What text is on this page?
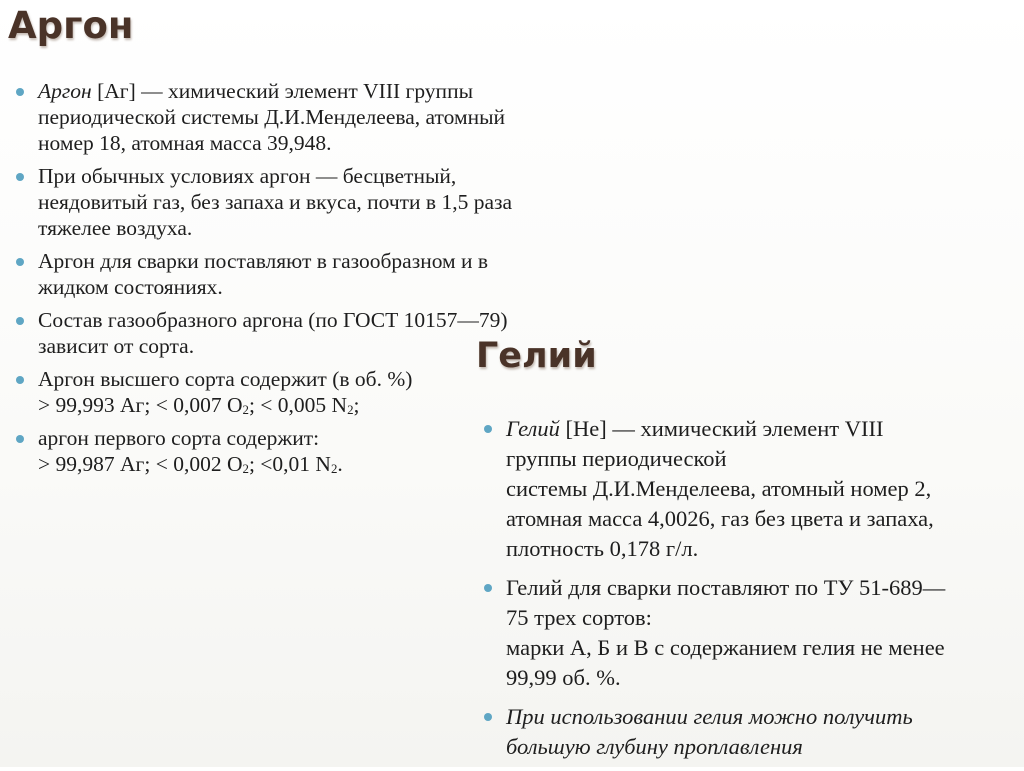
Аргон
Аргон [Аг] — химический элемент VIII группы
периодической системы Д.И.Менделеева, атомный
номер 18, атомная масса 39,948.
При обычных условиях аргон — бесцветный,
неядовитый газ, без запаха и вкуса, почти в 1,5 раза
тяжелее воздуха.
Аргон для сварки поставляют в газообразном и в
жидком состояниях.
Состав газообразного аргона (по ГОСТ 10157—79)
зависит от сорта.
Аргон высшего сорта содержит (в об. %)
> 99,993 Аг; < 0,007 $O_2$; < 0,005 $N_2$;
аргон первого сорта содержит:
> 99,987 Аг; < 0,002 $O_2$; <0,01 $N_2$.
Гелий
Гелий [Не] — химический элемент VIII
группы периодической
системы Д.И.Менделеева, атомный номер 2,
атомная масса 4,0026, газ без цвета и запаха,
плотность 0,178 г/л.
Гелий для сварки поставляют по ТУ 51-689—
75 трех сортов:
марки А, Б и В с содержанием гелия не менее
99,99 об. %.
При использовании гелия можно получить
большую глубину проплавления
